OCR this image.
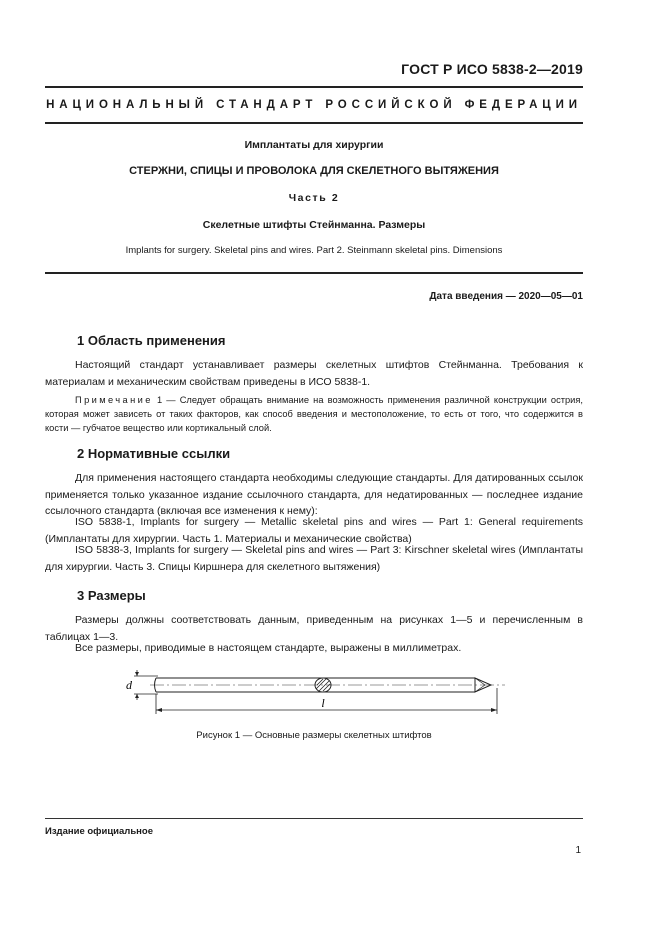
ГОСТ Р ИСО 5838-2—2019
НАЦИОНАЛЬНЫЙ СТАНДАРТ РОССИЙСКОЙ ФЕДЕРАЦИИ
Имплантаты для хирургии
СТЕРЖНИ, СПИЦЫ И ПРОВОЛОКА ДЛЯ СКЕЛЕТНОГО ВЫТЯЖЕНИЯ
Часть 2
Скелетные штифты Стейнманна. Размеры
Implants for surgery. Skeletal pins and wires. Part 2. Steinmann skeletal pins. Dimensions
Дата введения — 2020—05—01
1 Область применения

Настоящий стандарт устанавливает размеры скелетных штифтов Стейнманна. Требования к материалам и механическим свойствам приведены в ИСО 5838-1.

Примечание 1 — Следует обращать внимание на возможность применения различной конструкции острия, которая может зависеть от таких факторов, как способ введения и местоположение, то есть от того, что содержится в кости — губчатое вещество или кортикальный слой.

2 Нормативные ссылки

Для применения настоящего стандарта необходимы следующие стандарты. Для датированных ссылок применяется только указанное издание ссылочного стандарта, для недатированных — последнее издание ссылочного стандарта (включая все изменения к нему):

ISO 5838-1, Implants for surgery — Metallic skeletal pins and wires — Part 1: General requirements (Имплантаты для хирургии. Часть 1. Материалы и механические свойства)

ISO 5838-3, Implants for surgery — Skeletal pins and wires — Part 3: Kirschner skeletal wires (Имплантаты для хирургии. Часть 3. Спицы Киршнера для скелетного вытяжения)

3 Размеры

Размеры должны соответствовать данным, приведенным на рисунках 1—5 и перечисленным в таблицах 1—3.

Все размеры, приводимые в настоящем стандарте, выражены в миллиметрах.

d
l
Рисунок 1 — Основные размеры скелетных штифтов
Издание официальное
1
